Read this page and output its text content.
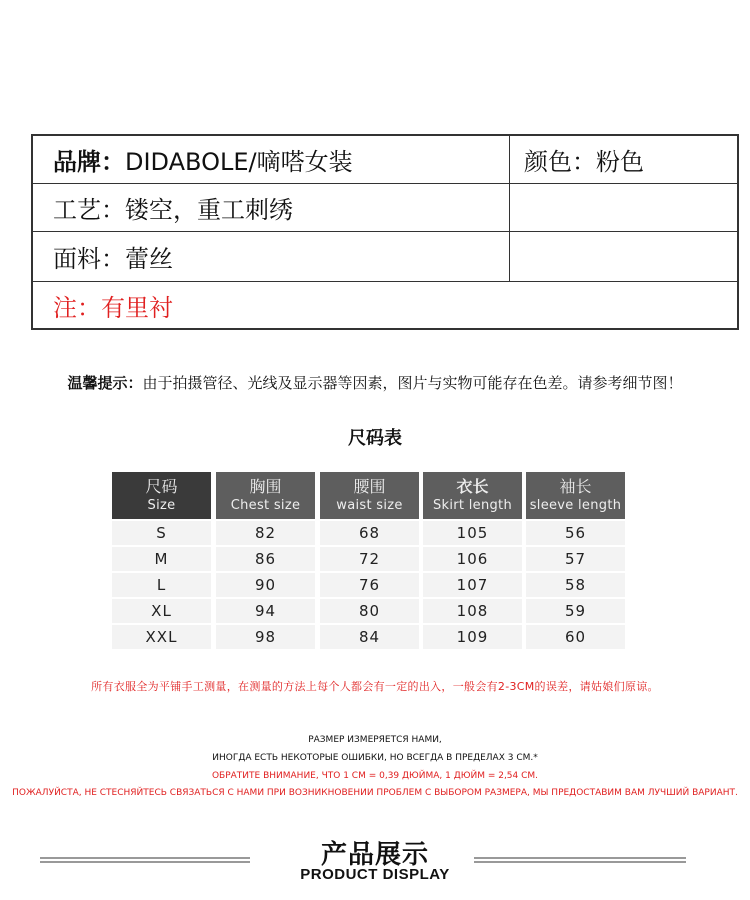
品牌：DIDABOLE/嘀嗒女装	颜色：粉色
工艺：镂空，重工刺绣
面料：蕾丝
注：有里衬
温馨提示：由于拍摄管径、光线及显示器等因素，图片与实物可能存在色差。请参考细节图！
尺码表
尺码
Size
S
M
L
XL
XXL
胸围
Chest size
82
86
90
94
98
腰围
waist size
68
72
76
80
84
衣长
Skirt length
105
106
107
108
109
袖长
sleeve length
56
57
58
59
60
所有衣服全为平铺手工测量，在测量的方法上每个人都会有一定的出入，一般会有2-3CM的误差，请姑娘们原谅。
РАЗМЕР ИЗМЕРЯЕТСЯ НАМИ,
ИНОГДА ЕСТЬ НЕКОТОРЫЕ ОШИБКИ, НО ВСЕГДА В ПРЕДЕЛАХ 3 СМ.*
ОБРАТИТЕ ВНИМАНИЕ, ЧТО 1 СМ = 0,39 ДЮЙМА, 1 ДЮЙМ = 2,54 СМ.
ПОЖАЛУЙСТА, НЕ СТЕСНЯЙТЕСЬ СВЯЗАТЬСЯ С НАМИ ПРИ ВОЗНИКНОВЕНИИ ПРОБЛЕМ С ВЫБОРОМ РАЗМЕРА, МЫ ПРЕДОСТАВИМ ВАМ ЛУЧШИЙ ВАРИАНТ.
产品展示
PRODUCT DISPLAY
